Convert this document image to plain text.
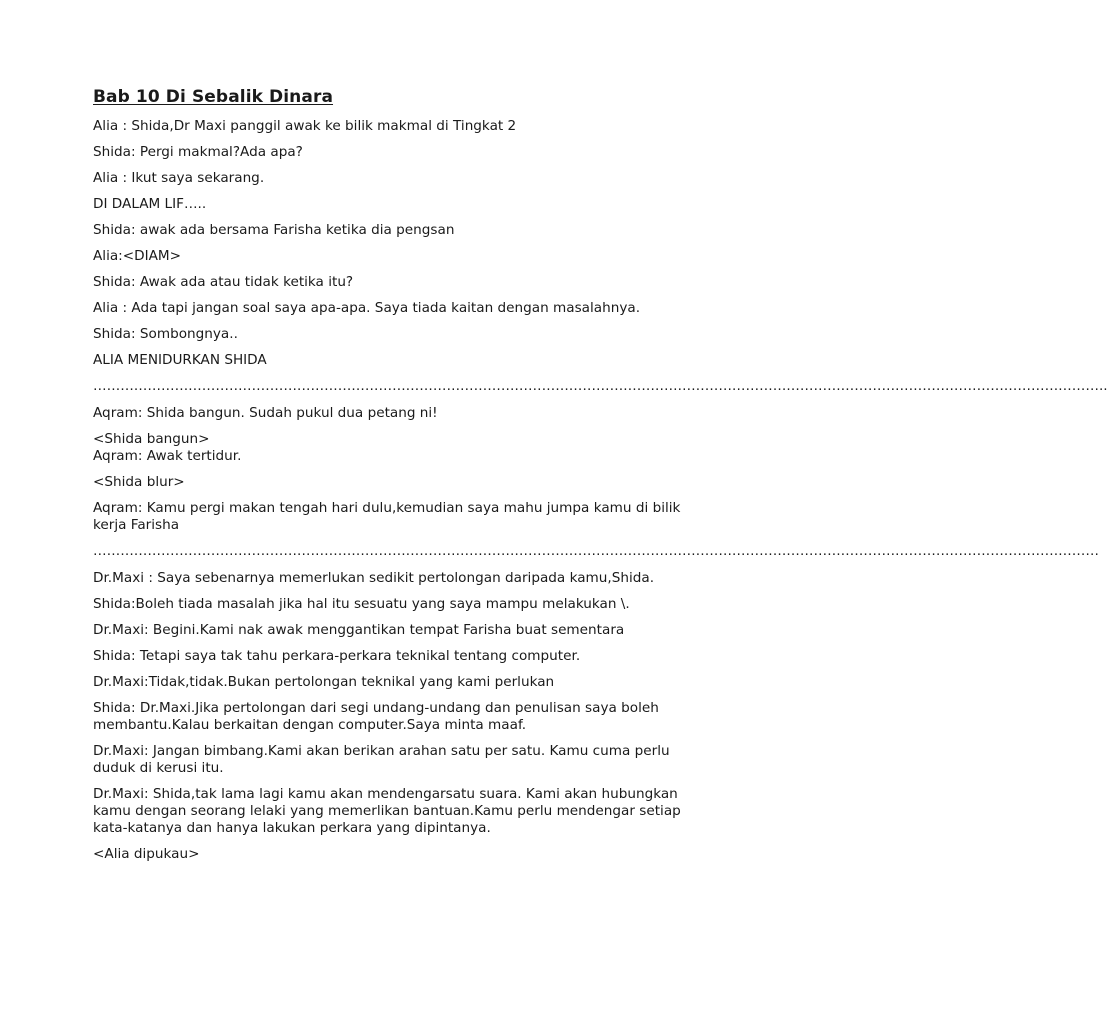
Bab 10 Di Sebalik Dinara
Alia : Shida,Dr Maxi panggil awak ke bilik makmal di Tingkat 2
Shida: Pergi makmal?Ada apa?
Alia : Ikut saya sekarang.
DI DALAM LIF…..
Shida: awak ada bersama Farisha ketika dia pengsan
Alia:<DIAM>
Shida: Awak ada atau tidak ketika itu?
Alia : Ada tapi jangan soal saya apa-apa. Saya tiada kaitan dengan masalahnya.
Shida: Sombongnya..
ALIA MENIDURKAN SHIDA
……………………………………………………………………………………………………………………………………………………………………………………………………..
Aqram: Shida bangun. Sudah pukul dua petang ni!
<Shida bangun>
Aqram: Awak tertidur.
<Shida blur>
Aqram: Kamu pergi makan tengah hari dulu,kemudian saya mahu jumpa kamu di bilik kerja Farisha
……………………………………………………………………………………………………………………………………………………………………………………………………
Dr.Maxi : Saya sebenarnya memerlukan sedikit pertolongan daripada kamu,Shida.
Shida:Boleh tiada masalah jika hal itu sesuatu yang saya mampu melakukan \.
Dr.Maxi: Begini.Kami nak awak menggantikan tempat Farisha buat sementara
Shida: Tetapi saya tak tahu perkara-perkara teknikal tentang computer.
Dr.Maxi:Tidak,tidak.Bukan pertolongan teknikal yang kami perlukan
Shida: Dr.Maxi.Jika pertolongan dari segi undang-undang dan penulisan saya boleh membantu.Kalau berkaitan dengan computer.Saya minta maaf.
Dr.Maxi: Jangan bimbang.Kami akan berikan arahan satu per satu. Kamu cuma perlu duduk di kerusi itu.
Dr.Maxi: Shida,tak lama lagi kamu akan mendengarsatu suara. Kami akan hubungkan kamu dengan seorang lelaki yang memerlikan bantuan.Kamu perlu mendengar setiap kata-katanya dan hanya lakukan perkara yang dipintanya.
<Alia dipukau>
